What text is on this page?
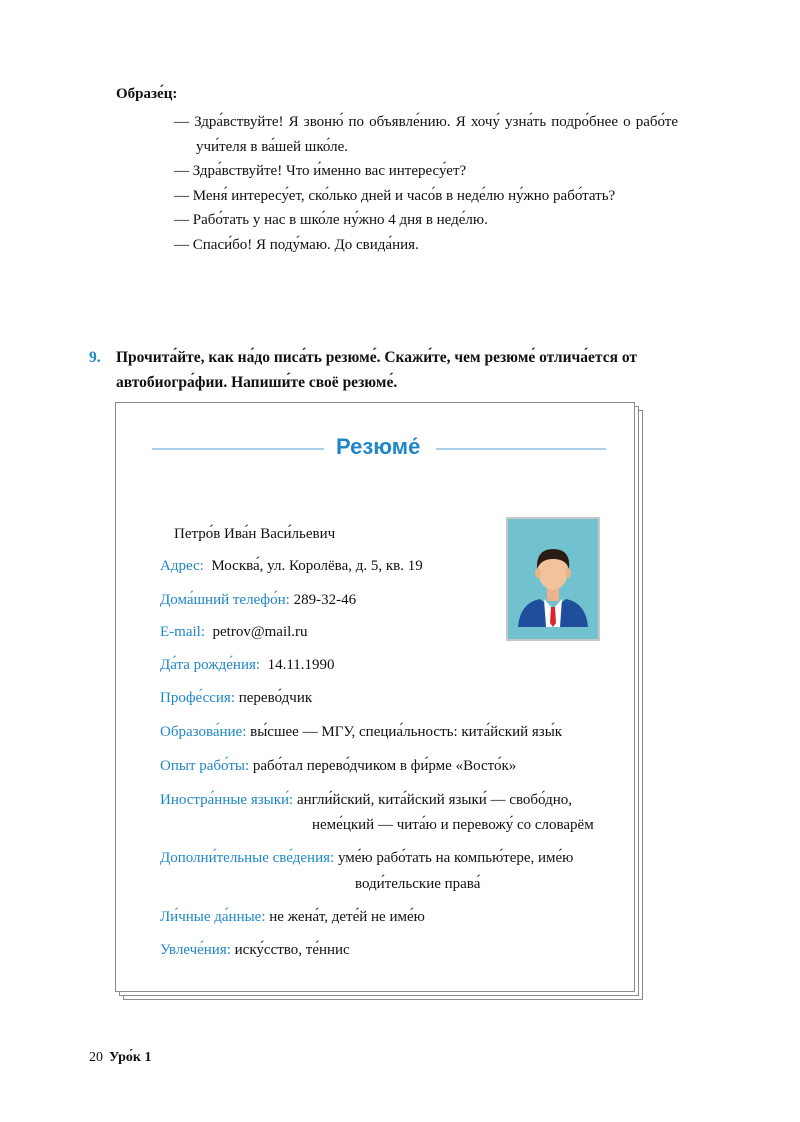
Образе́ц:
— Здра́вствуйте! Я звоню́ по объявле́нию. Я хочу́ узна́ть подро́бнее о рабо́те учи́теля в ва́шей шко́ле.
— Здра́вствуйте! Что и́менно вас интересу́ет?
— Меня́ интересу́ет, ско́лько дней и часо́в в неде́лю ну́жно рабо́тать?
— Рабо́тать у нас в шко́ле ну́жно 4 дня в неде́лю.
— Спаси́бо! Я поду́маю. До свида́ния.
9. Прочита́йте, как на́до писа́ть резюме́. Скажи́те, чем резюме́ отлича́ется от автобиогра́фии. Напиши́те своё резюме́.
Резюме́
Петро́в Ива́н Васи́льевич
Адрес: Москва́, ул. Королёва, д. 5, кв. 19
Дома́шний телефо́н: 289-32-46
E-mail: petrov@mail.ru
Да́та рожде́ния: 14.11.1990
Профе́ссия: перево́дчик
Образова́ние: вы́сшее — МГУ, специа́льность: кита́йский язы́к
Опыт рабо́ты: рабо́тал перево́дчиком в фи́рме «Восто́к»
Иностра́нные языки́: англи́йский, кита́йский языки́ — свобо́дно,
неме́цкий — чита́ю и перевожу́ со словарём
Дополни́тельные све́дения: уме́ю рабо́тать на компью́тере, име́ю
води́тельские права́
Ли́чные да́нные: не жена́т, дете́й не име́ю
Увлече́ния: иску́сство, те́ннис
20 Уро́к 1
